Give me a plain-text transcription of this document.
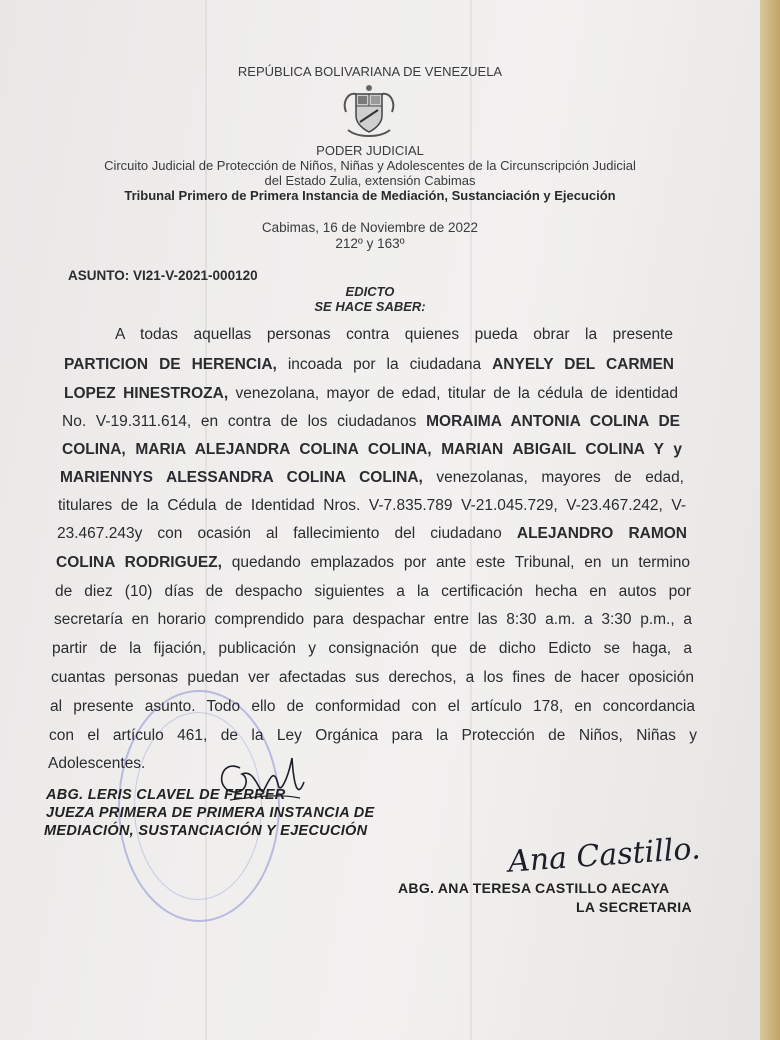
REPÚBLICA BOLIVARIANA DE VENEZUELA
PODER JUDICIAL
Circuito Judicial de Protección de Niños, Niñas y Adolescentes de la Circunscripción Judicial
del Estado Zulia, extensión Cabimas
Tribunal Primero de Primera Instancia de Mediación, Sustanciación y Ejecución
Cabimas, 16 de Noviembre de 2022
212º y 163º
ASUNTO: VI21-V-2021-000120
EDICTO
SE HACE SABER:
A todas aquellas personas contra quienes pueda obrar la presente
PARTICION DE HERENCIA, incoada por la ciudadana ANYELY DEL CARMEN
LOPEZ HINESTROZA, venezolana, mayor de edad, titular de la cédula de identidad
No. V-19.311.614, en contra de los ciudadanos MORAIMA ANTONIA COLINA DE
COLINA, MARIA ALEJANDRA COLINA COLINA, MARIAN ABIGAIL COLINA Y y
MARIENNYS ALESSANDRA COLINA COLINA, venezolanas, mayores de edad,
titulares de la Cédula de Identidad Nros. V-7.835.789 V-21.045.729, V-23.467.242, V-
23.467.243y con ocasión al fallecimiento del ciudadano ALEJANDRO RAMON
COLINA RODRIGUEZ, quedando emplazados por ante este Tribunal, en un termino
de diez (10) días de despacho siguientes a la certificación hecha en autos por
secretaría en horario comprendido para despachar entre las 8:30 a.m. a 3:30 p.m., a
partir de la fijación, publicación y consignación que de dicho Edicto se haga, a
cuantas personas puedan ver afectadas sus derechos, a los fines de hacer oposición
al presente asunto. Todo ello de conformidad con el artículo 178, en concordancia
con el artículo 461, de la Ley Orgánica para la Protección de Niños, Niñas y
Adolescentes.
ABG. LERIS CLAVEL DE FERRER
JUEZA PRIMERA DE PRIMERA INSTANCIA DE
MEDIACIÓN, SUSTANCIACIÓN Y EJECUCIÓN
Ana Castillo.
ABG. ANA TERESA CASTILLO AECAYA
LA SECRETARIA
